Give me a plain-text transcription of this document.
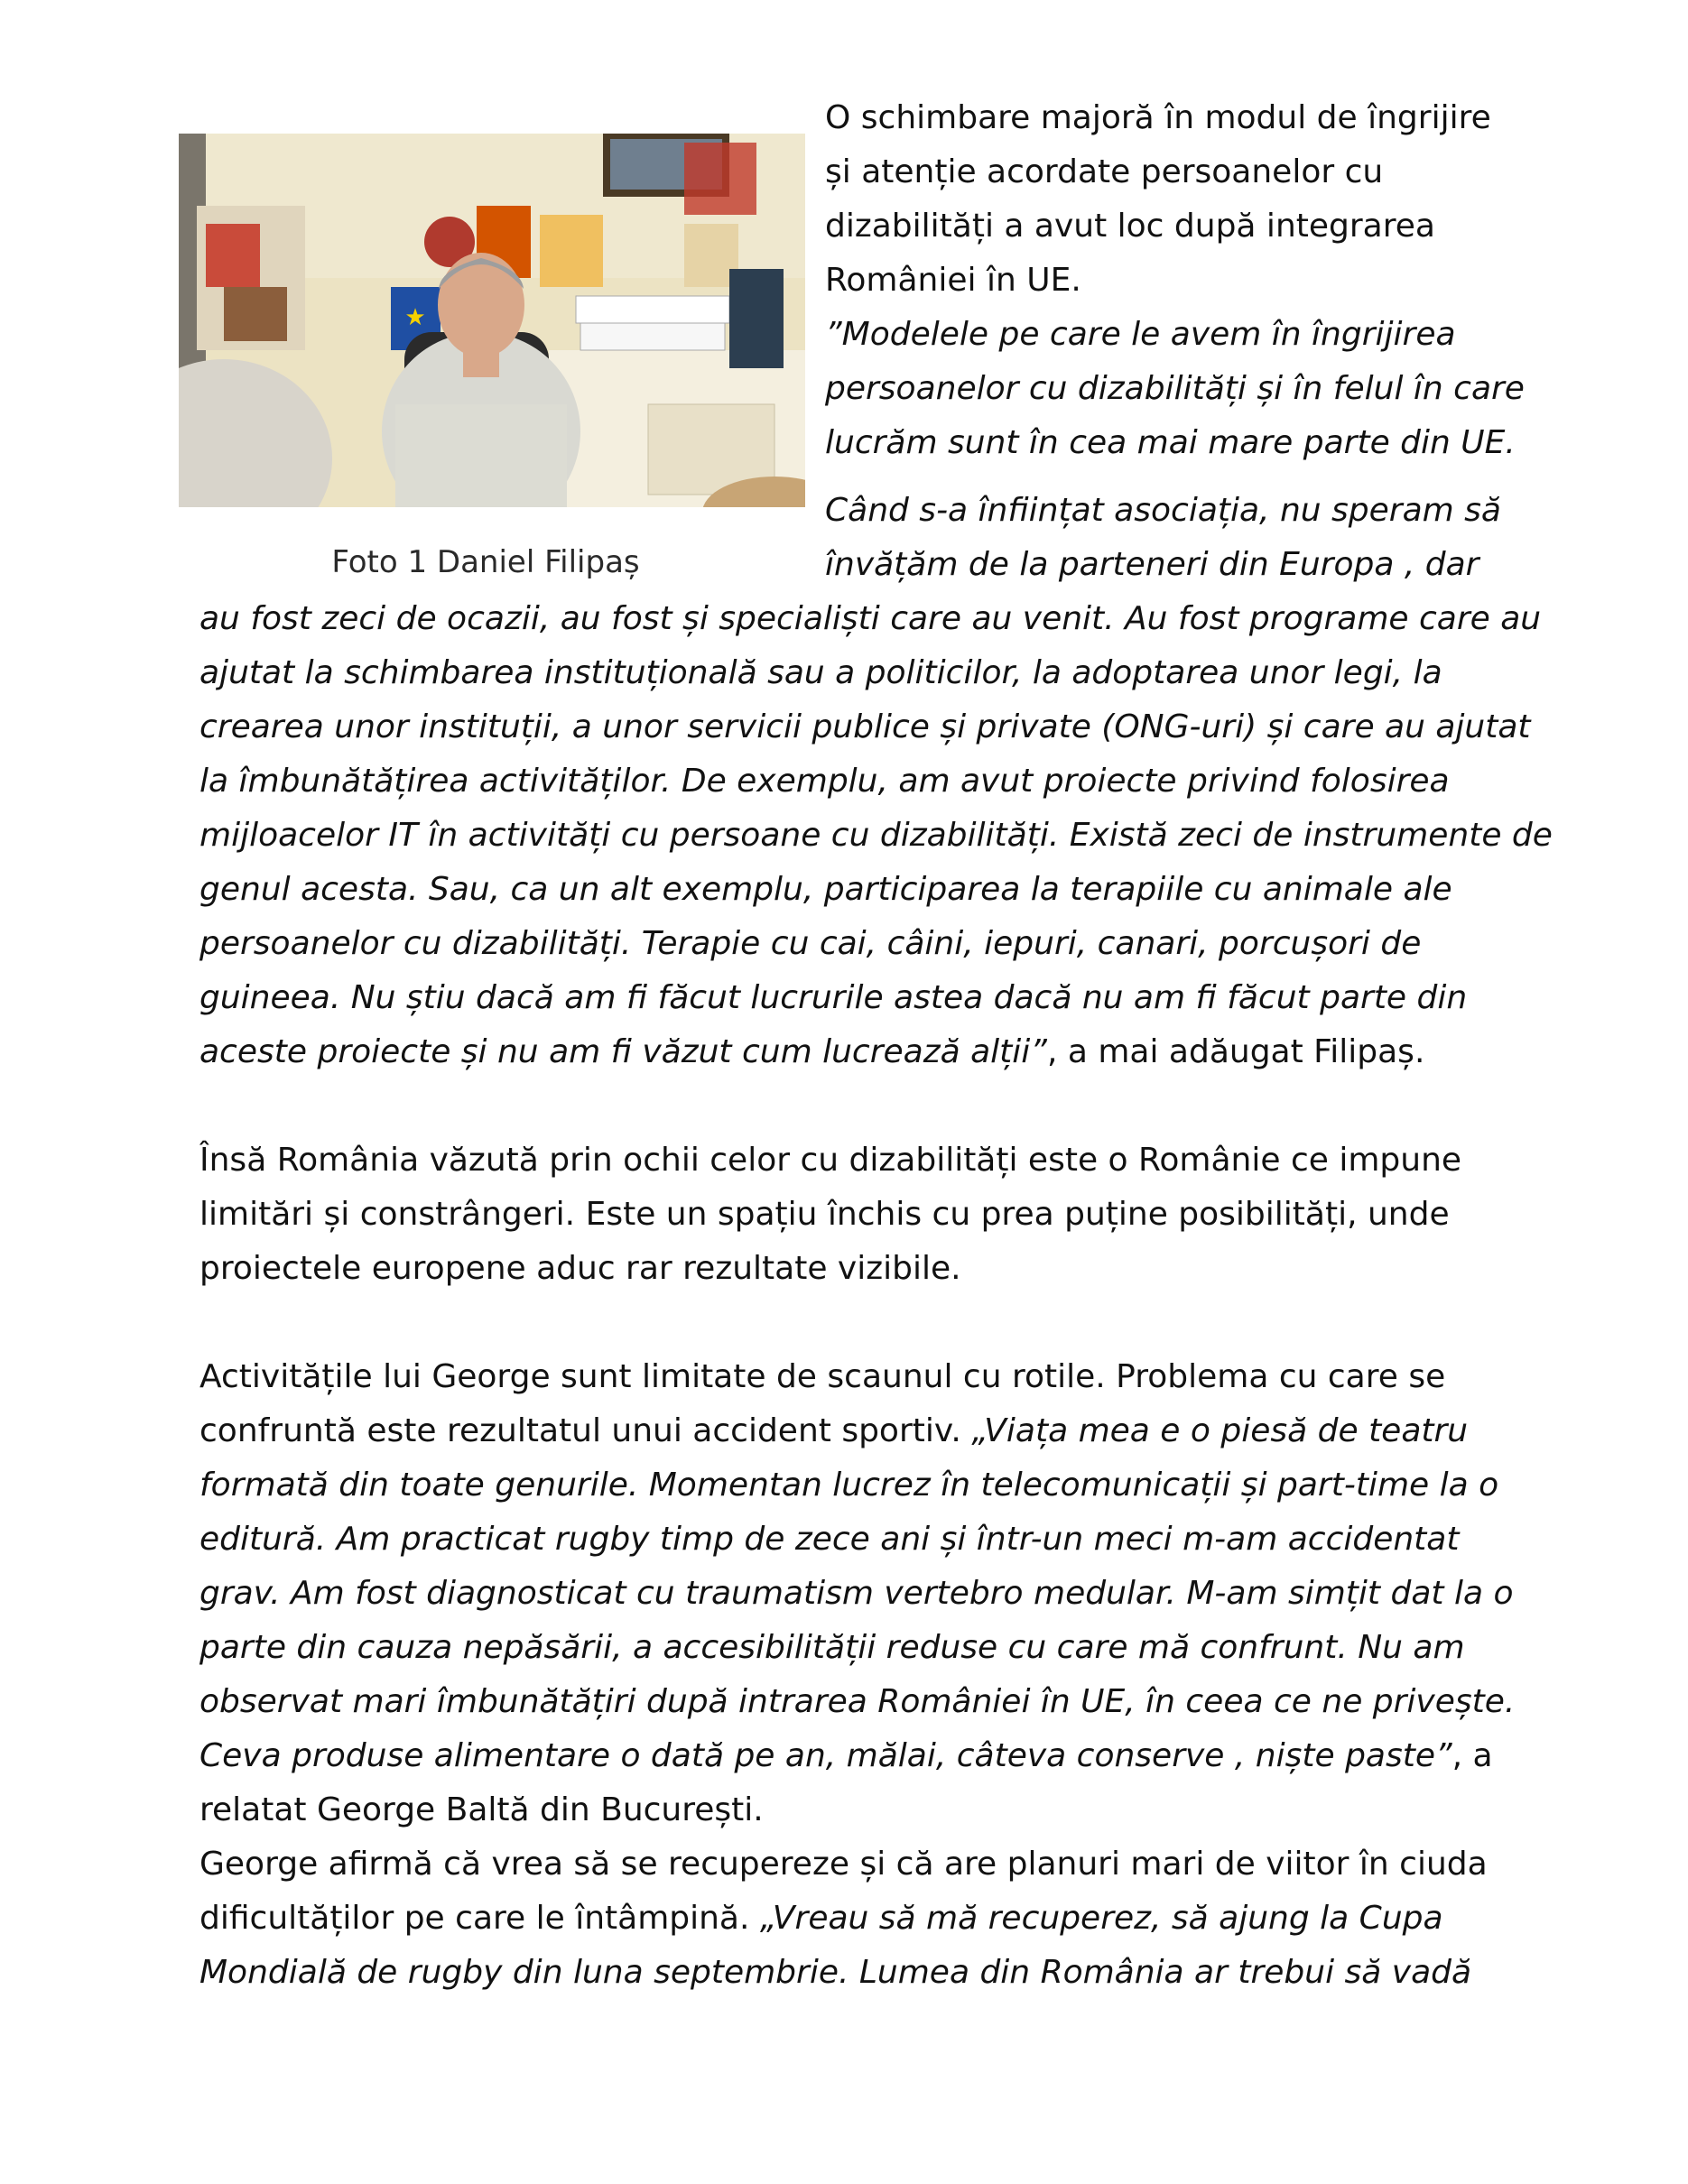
★
Foto 1 Daniel Filipaș
O schimbare majoră în modul de îngrijire
și atenție acordate persoanelor cu
dizabilități a avut loc după integrarea
României în UE.
”Modelele pe care le avem în îngrijirea
persoanelor cu dizabilități și în felul în care
lucrăm sunt în cea mai mare parte din UE.
Când s-a înființat asociația, nu speram să
învățăm de la parteneri din Europa , dar
au fost zeci de ocazii, au fost și specialiști care au venit. Au fost programe care au
ajutat la schimbarea instituțională sau a politicilor, la adoptarea unor legi, la
crearea unor instituții, a unor servicii publice și private (ONG-uri) și care au ajutat
la îmbunătățirea activităților. De exemplu, am avut proiecte privind folosirea
mijloacelor IT în activități cu persoane cu dizabilități. Există zeci de instrumente de
genul acesta. Sau, ca un alt exemplu, participarea la terapiile cu animale ale
persoanelor cu dizabilități. Terapie cu cai, câini, iepuri, canari, porcușori de
guineea. Nu știu dacă am fi făcut lucrurile astea dacă nu am fi făcut parte din
aceste proiecte și nu am fi văzut cum lucrează alții”, a mai adăugat Filipaș.
Însă România văzută prin ochii celor cu dizabilități este o Românie ce impune
limitări și constrângeri. Este un spațiu închis cu prea puține posibilități, unde
proiectele europene aduc rar rezultate vizibile.
Activitățile lui George sunt limitate de scaunul cu rotile. Problema cu care se
confruntă este rezultatul unui accident sportiv. „Viața mea e o piesă de teatru
formată din toate genurile. Momentan lucrez în telecomunicații și part-time la o
editură. Am practicat rugby timp de zece ani și într-un meci m-am accidentat
grav. Am fost diagnosticat cu traumatism vertebro medular. M-am simțit dat la o
parte din cauza nepăsării, a accesibilității reduse cu care mă confrunt. Nu am
observat mari îmbunătățiri după intrarea României în UE, în ceea ce ne privește.
Ceva produse alimentare o dată pe an, mălai, câteva conserve , niște paste”, a
relatat George Baltă din București.
George afirmă că vrea să se recupereze și că are planuri mari de viitor în ciuda
dificultăților pe care le întâmpină. „Vreau să mă recuperez, să ajung la Cupa
Mondială de rugby din luna septembrie. Lumea din România ar trebui să vadă
